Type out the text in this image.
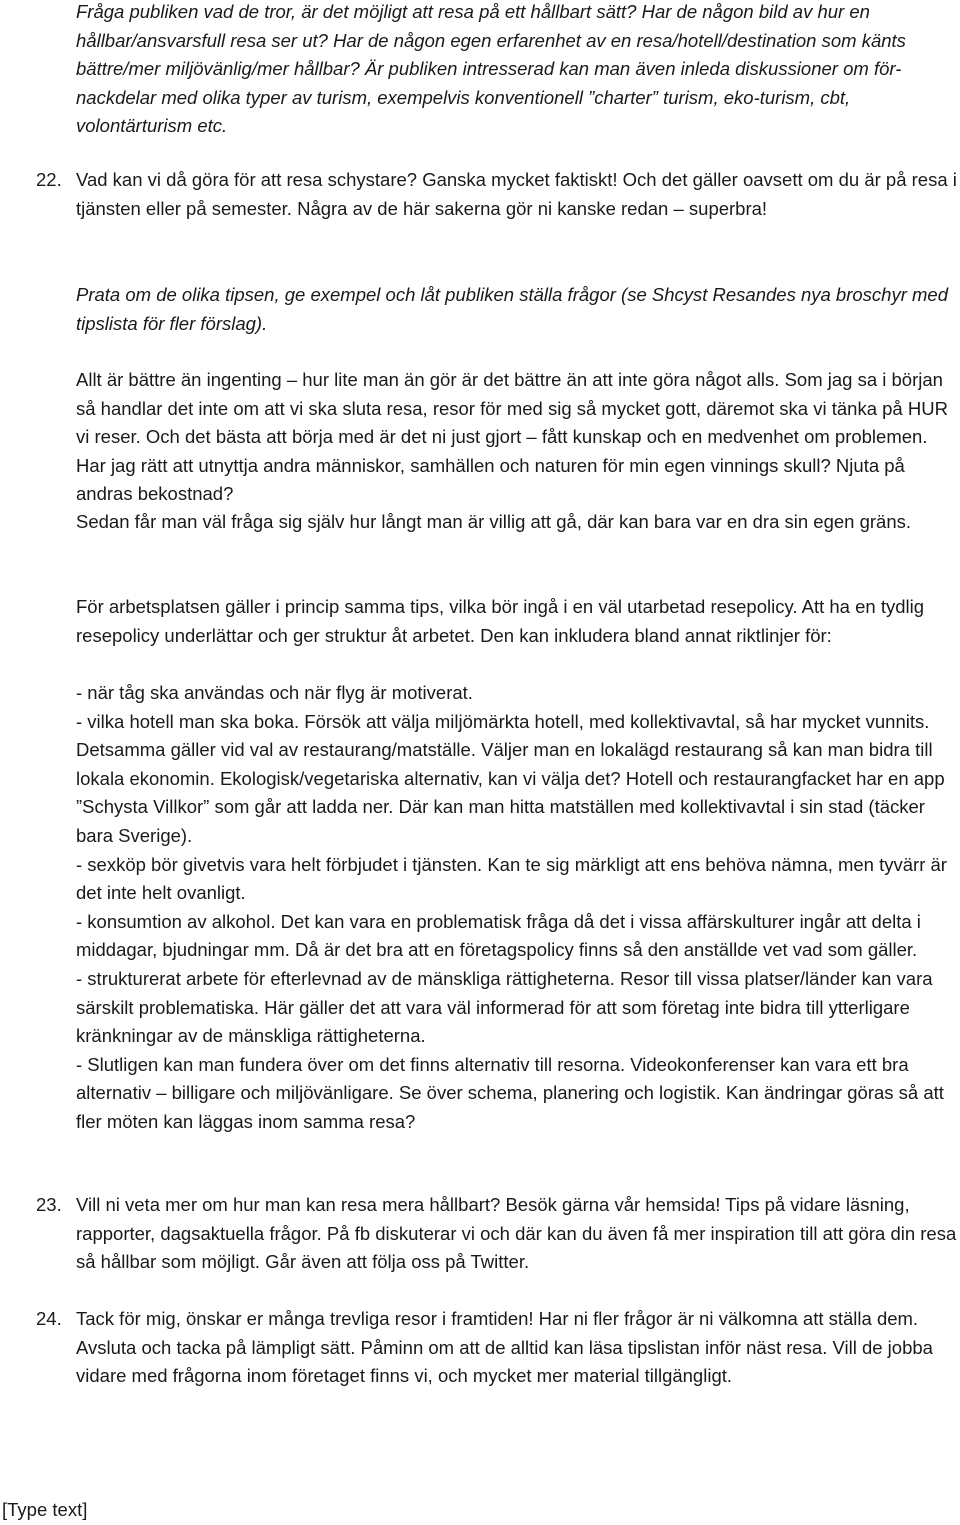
Fråga publiken vad de tror, är det möjligt att resa på ett hållbart sätt? Har de någon bild av hur en hållbar/ansvarsfull resa ser ut? Har de någon egen erfarenhet av en resa/hotell/destination som känts bättre/mer miljövänlig/mer hållbar? Är publiken intresserad kan man även inleda diskussioner om för-nackdelar med olika typer av turism, exempelvis konventionell ”charter” turism, eko-turism, cbt, volontärturism etc.

22. Vad kan vi då göra för att resa schystare? Ganska mycket faktiskt! Och det gäller oavsett om du är på resa i tjänsten eller på semester. Några av de här sakerna gör ni kanske redan – superbra!

Prata om de olika tipsen, ge exempel och låt publiken ställa frågor (se Shcyst Resandes nya broschyr med tipslista för fler förslag).

Allt är bättre än ingenting – hur lite man än gör är det bättre än att inte göra något alls. Som jag sa i början så handlar det inte om att vi ska sluta resa, resor för med sig så mycket gott, däremot ska vi tänka på HUR vi reser. Och det bästa att börja med är det ni just gjort – fått kunskap och en medvenhet om problemen. Har jag rätt att utnyttja andra människor, samhällen och naturen för min egen vinnings skull? Njuta på andras bekostnad?

Sedan får man väl fråga sig själv hur långt man är villig att gå, där kan bara var en dra sin egen gräns.

För arbetsplatsen gäller i princip samma tips, vilka bör ingå i en väl utarbetad resepolicy. Att ha en tydlig resepolicy underlättar och ger struktur åt arbetet. Den kan inkludera bland annat riktlinjer för:

- när tåg ska användas och när flyg är motiverat.

- vilka hotell man ska boka. Försök att välja miljömärkta hotell, med kollektivavtal, så har mycket vunnits. Detsamma gäller vid val av restaurang/matställe. Väljer man en lokalägd restaurang så kan man bidra till lokala ekonomin. Ekologisk/vegetariska alternativ, kan vi välja det? Hotell och restaurangfacket har en app ”Schysta Villkor” som går att ladda ner. Där kan man hitta matställen med kollektivavtal i sin stad (täcker bara Sverige).

- sexköp bör givetvis vara helt förbjudet i tjänsten. Kan te sig märkligt att ens behöva nämna, men tyvärr är det inte helt ovanligt.

- konsumtion av alkohol. Det kan vara en problematisk fråga då det i vissa affärskulturer ingår att delta i middagar, bjudningar mm. Då är det bra att en företagspolicy finns så den anställde vet vad som gäller.

- strukturerat arbete för efterlevnad av de mänskliga rättigheterna. Resor till vissa platser/länder kan vara särskilt problematiska. Här gäller det att vara väl informerad för att som företag inte bidra till ytterligare kränkningar av de mänskliga rättigheterna.

- Slutligen kan man fundera över om det finns alternativ till resorna. Videokonferenser kan vara ett bra alternativ – billigare och miljövänligare. Se över schema, planering och logistik. Kan ändringar göras så att fler möten kan läggas inom samma resa?

23. Vill ni veta mer om hur man kan resa mera hållbart? Besök gärna vår hemsida! Tips på vidare läsning, rapporter, dagsaktuella frågor. På fb diskuterar vi och där kan du även få mer inspiration till att göra din resa så hållbar som möjligt. Går även att följa oss på Twitter.

24. Tack för mig, önskar er många trevliga resor i framtiden! Har ni fler frågor är ni välkomna att ställa dem. Avsluta och tacka på lämpligt sätt. Påminn om att de alltid kan läsa tipslistan inför näst resa. Vill de jobba vidare med frågorna inom företaget finns vi, och mycket mer material tillgängligt.

[Type text]
